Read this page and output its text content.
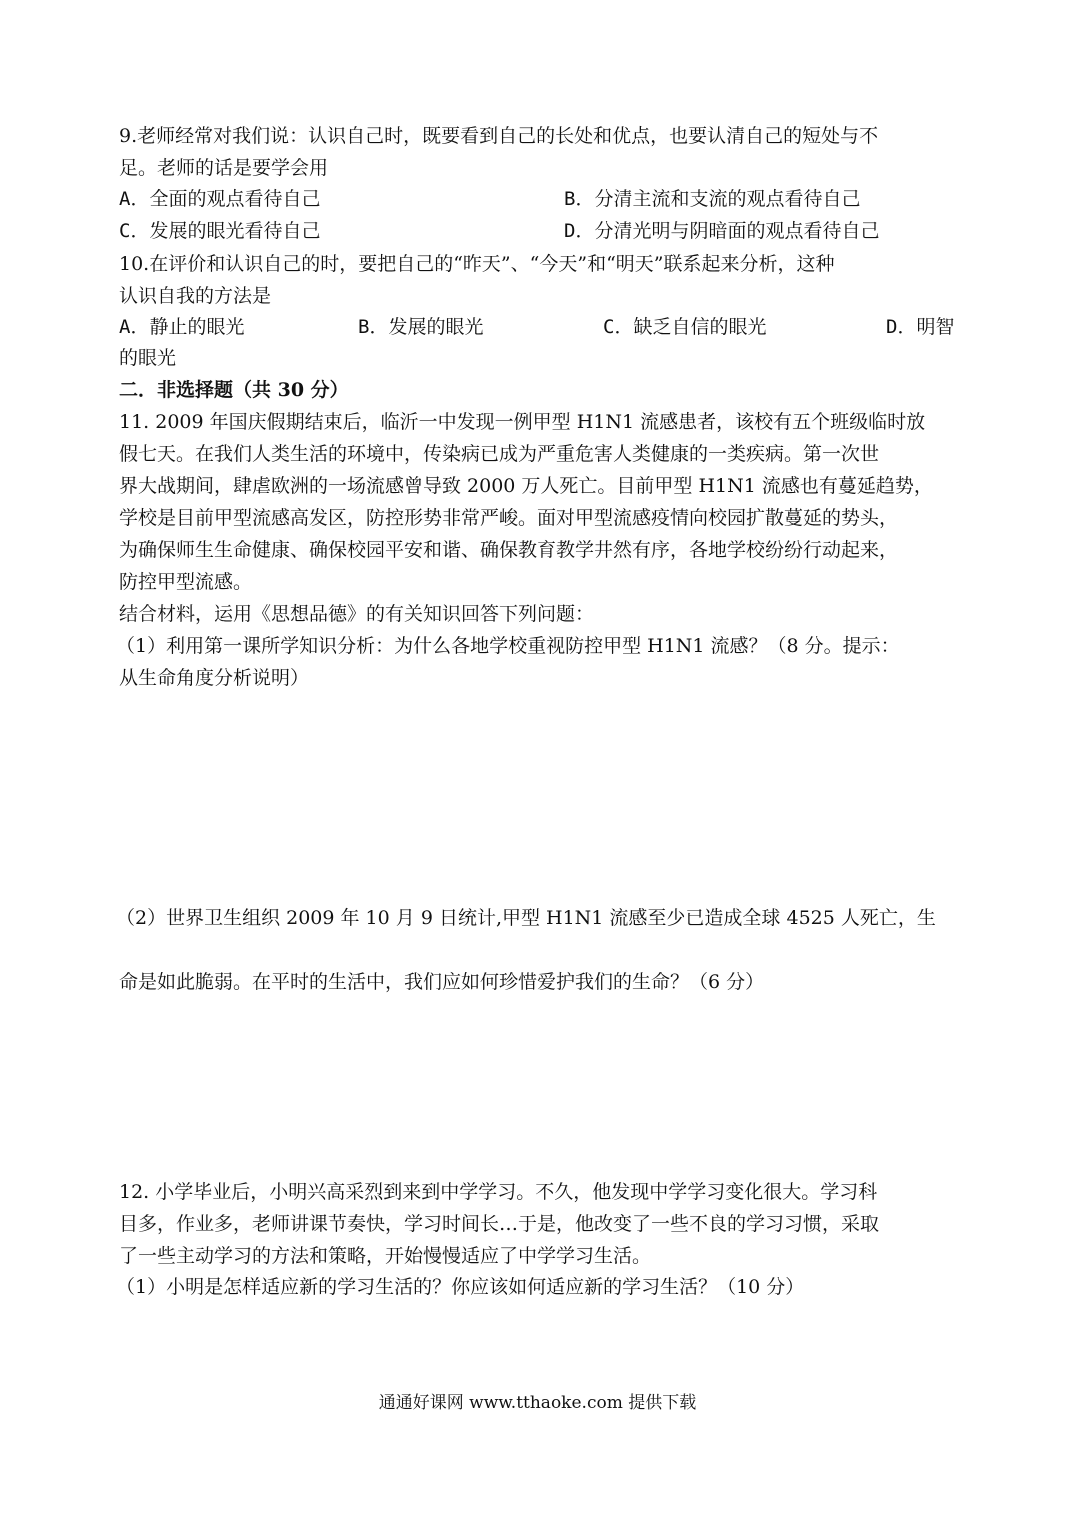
9.老师经常对我们说：认识自己时，既要看到自己的长处和优点，也要认清自己的短处与不
足。老师的话是要学会用
A．全面的观点看待自己	B．分清主流和支流的观点看待自己
C．发展的眼光看待自己	D．分清光明与阴暗面的观点看待自己
10.在评价和认识自己的时，要把自己的“昨天”、“今天”和“明天”联系起来分析，这种
认识自我的方法是
A．静止的眼光	B．发展的眼光	C．缺乏自信的眼光	D．明智
的眼光
二．非选择题（共 30 分）
11. 2009 年国庆假期结束后，临沂一中发现一例甲型 H1N1 流感患者，该校有五个班级临时放
假七天。在我们人类生活的环境中，传染病已成为严重危害人类健康的一类疾病。第一次世
界大战期间，肆虐欧洲的一场流感曾导致 2000 万人死亡。目前甲型 H1N1 流感也有蔓延趋势，
学校是目前甲型流感高发区，防控形势非常严峻。面对甲型流感疫情向校园扩散蔓延的势头，
为确保师生生命健康、确保校园平安和谐、确保教育教学井然有序，各地学校纷纷行动起来，
防控甲型流感。
结合材料，运用《思想品德》的有关知识回答下列问题：
（1）利用第一课所学知识分析：为什么各地学校重视防控甲型 H1N1 流感？（8 分。提示：
从生命角度分析说明）
（2）世界卫生组织 2009 年 10 月 9 日统计,甲型 H1N1 流感至少已造成全球 4525 人死亡，生
命是如此脆弱。在平时的生活中，我们应如何珍惜爱护我们的生命？（6 分）
12. 小学毕业后，小明兴高采烈到来到中学学习。不久，他发现中学学习变化很大。学习科
目多，作业多，老师讲课节奏快，学习时间长…于是，他改变了一些不良的学习习惯，采取
了一些主动学习的方法和策略，开始慢慢适应了中学学习生活。
（1）小明是怎样适应新的学习生活的？你应该如何适应新的学习生活？（10 分）
通通好课网 www.tthaoke.com 提供下载
